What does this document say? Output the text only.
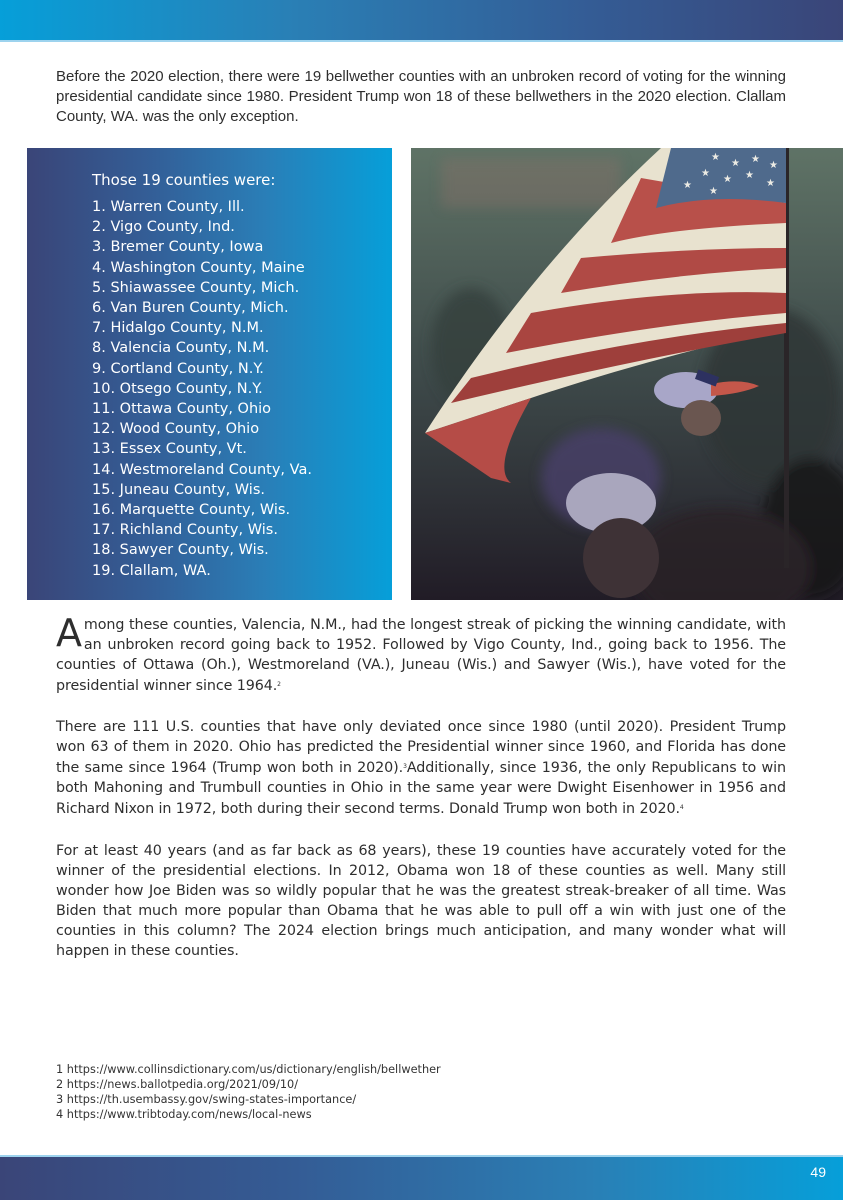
Before the 2020 election, there were 19 bellwether counties with an unbroken record of voting for the winning presidential candidate since 1980. President Trump won 18 of these bellwethers in the 2020 election. Clallam County, WA. was the only exception.

Those 19 counties were:
1. Warren County, Ill.
2. Vigo County, Ind.
3. Bremer County, Iowa
4. Washington County, Maine
5. Shiawassee County, Mich.
6. Van Buren County, Mich.
7. Hidalgo County, N.M.
8. Valencia County, N.M.
9. Cortland County, N.Y.
10. Otsego County, N.Y.
11. Ottawa County, Ohio
12. Wood County, Ohio
13. Essex County, Vt.
14. Westmoreland County, Va.
15. Juneau County, Wis.
16. Marquette County, Wis.
17. Richland County, Wis.
18. Sawyer County, Wis.
19. Clallam, WA.
★
★ ★
★
★
★ ★
★
★
★

Among these counties, Valencia, N.M., had the longest streak of picking the winning candidate, with an unbroken record going back to 1952. Followed by Vigo County, Ind., going back to 1956. The counties of Ottawa (Oh.), Westmoreland (VA.), Juneau (Wis.) and Sawyer (Wis.), have voted for the presidential winner since 1964.$^2$

There are 111 U.S. counties that have only deviated once since 1980 (until 2020). President Trump won 63 of them in 2020. Ohio has predicted the Presidential winner since 1960, and Florida has done the same since 1964 (Trump won both in 2020).$^3$Additionally, since 1936, the only Republicans to win both Mahoning and Trumbull counties in Ohio in the same year were Dwight Eisenhower in 1956 and Richard Nixon in 1972, both during their second terms. Donald Trump won both in 2020.$^4$

For at least 40 years (and as far back as 68 years), these 19 counties have accurately voted for the winner of the presidential elections. In 2012, Obama won 18 of these counties as well. Many still wonder how Joe Biden was so wildly popular that he was the greatest streak-breaker of all time. Was Biden that much more popular than Obama that he was able to pull off a win with just one of the counties in this column? The 2024 election brings much anticipation, and many wonder what will happen in these counties.

1 https://www.collinsdictionary.com/us/dictionary/english/bellwether
2 https://news.ballotpedia.org/2021/09/10/
3 https://th.usembassy.gov/swing-states-importance/
4 https://www.tribtoday.com/news/local-news
49
